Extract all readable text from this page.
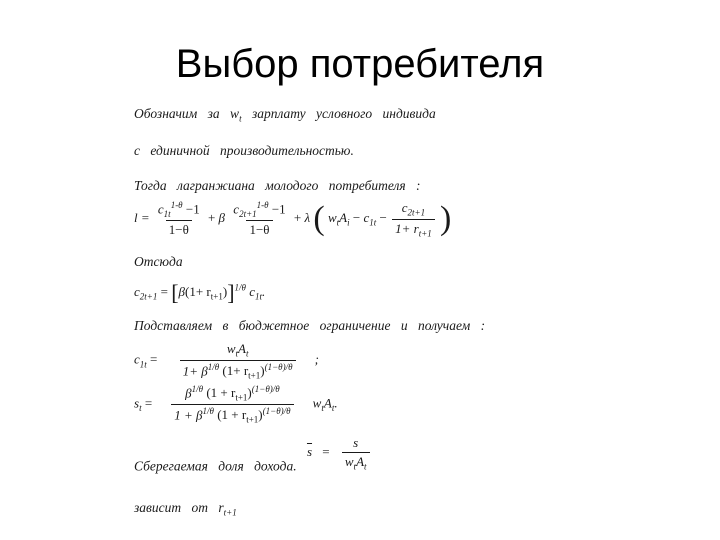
Выбор потребителя
Обозначим за $w_t$ зарплату условного индивида
с единичной производительностью.
Тогда лагранжиана молодого потребителя :
$l = \frac{c_{1t}^{1-\theta} -1}{1-\theta} + \beta \frac{c_{2t+1}^{1-\theta} -1}{1-\theta} + \lambda$ ( $w_tA_i - c_{1t} - \frac{c_{2t+1}}{1+ r_{t+1}}$ )
Отсюда
$c_{2t+1} = [\beta(1+ r_{t+1})]^{1/\theta}$ $c_{1t}$.
Подставляем в бюджетное ограничение и получаем :
$c_{1t} = \frac{w_tA_t}{1+ \beta^{1/\theta} (1+ r_{t+1})^{(1-\theta)/\theta}}$ ;
$s_t = \frac{\beta^{1/\theta} (1 + r_{t+1})^{(1-\theta)/\theta}}{1 + \beta^{1/\theta} (1 + r_{t+1})^{(1-\theta)/\theta}} w_tA_t$.
Сберегаемая доля дохода. $\overline{s} = \frac{s}{w_tA_t}$
зависит от $r_{t+1}$
